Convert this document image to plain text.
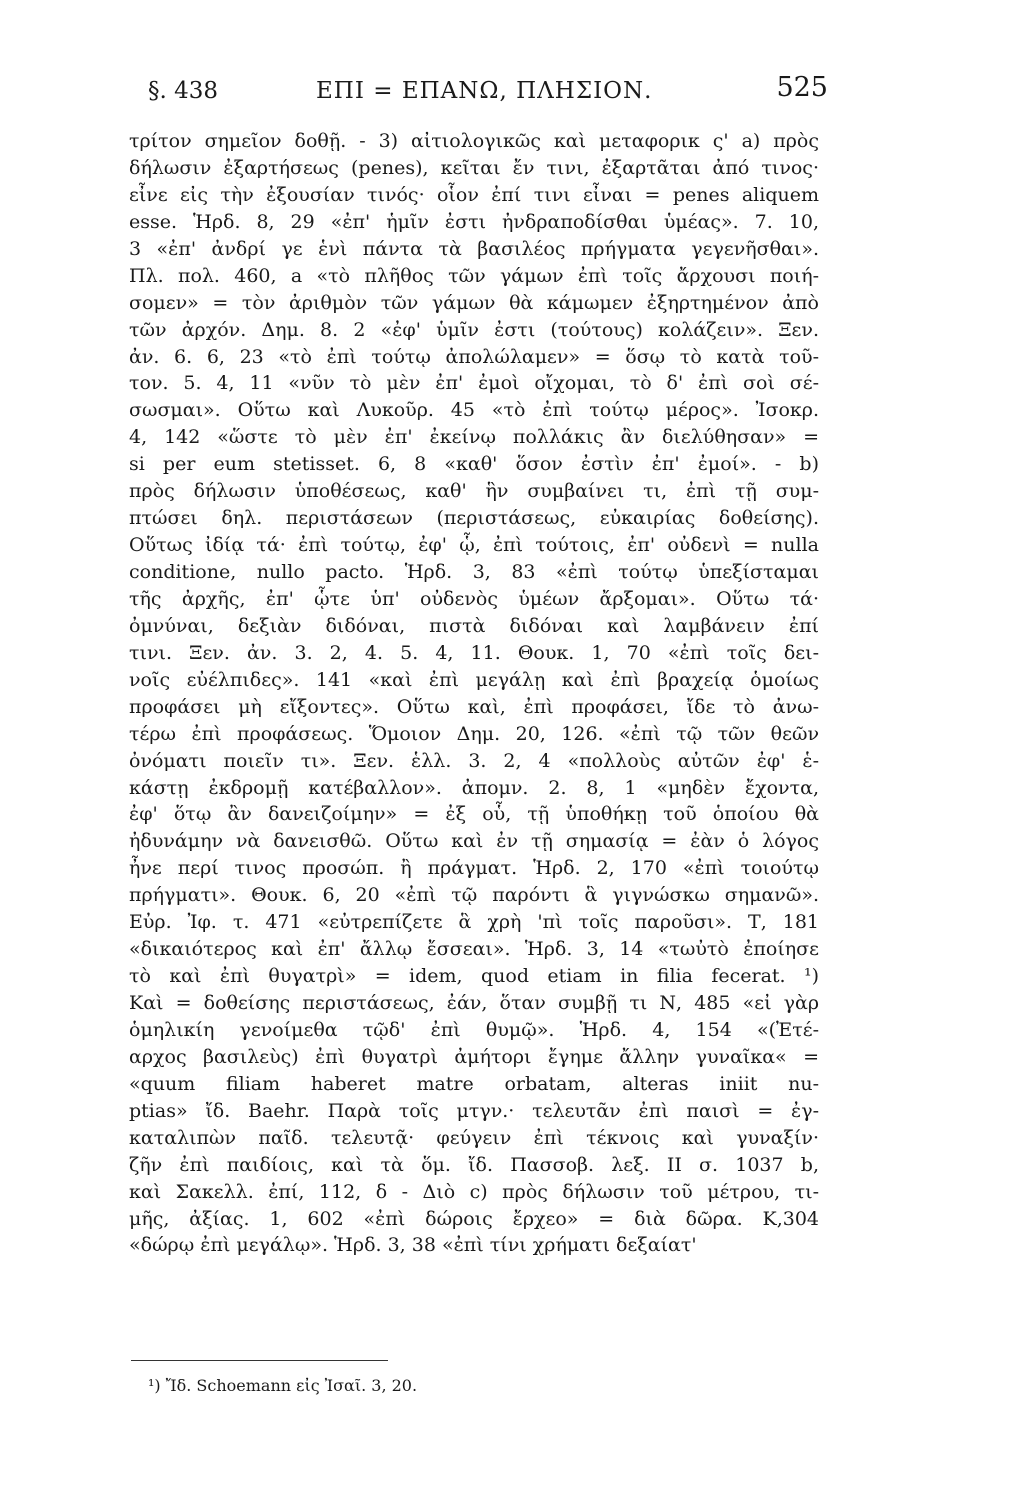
§. 438	ΕΠΙ = ΕΠΑΝΩ, ΠΛΗΣΙΟΝ.	525
τρίτον σημεῖον δοθῇ. - 3) αἰτιολογικῶς καὶ μεταφορικ ς' a) πρὸς
δήλωσιν ἐξαρτήσεως (penes), κεῖται ἔν τινι, ἐξαρτᾶται ἀπό τινος·
εἶνε εἰς τὴν ἐξουσίαν τινός· οἷον ἐπί τινι εἶναι = penes aliquem
esse. Ἡρδ. 8, 29 «ἐπ' ἡμῖν ἐστι ἠνδραποδίσθαι ὑμέας». 7. 10,
3 «ἐπ' ἀνδρί γε ἑνὶ πάντα τὰ βασιλέος πρήγματα γεγενῆσθαι».
Πλ. πολ. 460, a «τὸ πλῆθος τῶν γάμων ἐπὶ τοῖς ἄρχουσι ποιή-
σομεν» = τὸν ἀριθμὸν τῶν γάμων θὰ κάμωμεν ἐξηρτημένον ἀπὸ
τῶν ἀρχόν. Δημ. 8. 2 «ἐφ' ὑμῖν ἐστι (τούτους) κολάζειν». Ξεν.
ἀν. 6. 6, 23 «τὸ ἐπὶ τούτῳ ἀπολώλαμεν» = ὅσῳ τὸ κατὰ τοῦ-
τον. 5. 4, 11 «νῦν τὸ μὲν ἐπ' ἐμοὶ οἴχομαι, τὸ δ' ἐπὶ σοὶ σέ-
σωσμαι». Οὕτω καὶ Λυκοῦρ. 45 «τὸ ἐπὶ τούτῳ μέρος». Ἰσοκρ.
4, 142 «ὥστε τὸ μὲν ἐπ' ἐκείνῳ πολλάκις ἂν διελύθησαν» =
si per eum stetisset. 6, 8 «καθ' ὅσον ἐστὶν ἐπ' ἐμοί». - b)
πρὸς δήλωσιν ὑποθέσεως, καθ' ἣν συμβαίνει τι, ἐπὶ τῇ συμ-
πτώσει δηλ. περιστάσεων (περιστάσεως, εὐκαιρίας δοθείσης).
Οὕτως ἰδίᾳ τά· ἐπὶ τούτῳ, ἐφ' ᾧ, ἐπὶ τούτοις, ἐπ' οὐδενὶ = nulla
conditione, nullo pacto. Ἡρδ. 3, 83 «ἐπὶ τούτῳ ὑπεξίσταμαι
τῆς ἀρχῆς, ἐπ' ᾧτε ὑπ' οὐδενὸς ὑμέων ἄρξομαι». Οὕτω τά·
ὀμνύναι, δεξιὰν διδόναι, πιστὰ διδόναι καὶ λαμβάνειν ἐπί
τινι. Ξεν. ἀν. 3. 2, 4. 5. 4, 11. Θουκ. 1, 70 «ἐπὶ τοῖς δει-
νοῖς εὐέλπιδες». 141 «καὶ ἐπὶ μεγάλῃ καὶ ἐπὶ βραχείᾳ ὁμοίως
προφάσει μὴ εἴξοντες». Οὕτω καὶ, ἐπὶ προφάσει, ἴδε τὸ ἀνω-
τέρω ἐπὶ προφάσεως. Ὅμοιον Δημ. 20, 126. «ἐπὶ τῷ τῶν θεῶν
ὀνόματι ποιεῖν τι». Ξεν. ἑλλ. 3. 2, 4 «πολλοὺς αὐτῶν ἐφ' ἑ-
κάστῃ ἐκδρομῇ κατέβαλλον». ἀπομν. 2. 8, 1 «μηδὲν ἔχοντα,
ἐφ' ὅτῳ ἂν δανειζοίμην» = ἐξ οὗ, τῇ ὑποθήκῃ τοῦ ὁποίου θὰ
ἠδυνάμην νὰ δανεισθῶ. Οὕτω καὶ ἐν τῇ σημασίᾳ = ἐὰν ὁ λόγος
ἦνε περί τινος προσώπ. ἢ πράγματ. Ἡρδ. 2, 170 «ἐπὶ τοιούτῳ
πρήγματι». Θουκ. 6, 20 «ἐπὶ τῷ παρόντι ἃ γιγνώσκω σημανῶ».
Εὐρ. Ἰφ. τ. 471 «εὐτρεπίζετε ἃ χρὴ 'πὶ τοῖς παροῦσι». Τ, 181
«δικαιότερος καὶ ἐπ' ἄλλῳ ἔσσεαι». Ἡρδ. 3, 14 «τωὐτὸ ἐποίησε
τὸ καὶ ἐπὶ θυγατρὶ» = idem, quod etiam in filia fecerat. ¹)
Καὶ = δοθείσης περιστάσεως, ἐάν, ὅταν συμβῇ τι Ν, 485 «εἰ γὰρ
ὁμηλικίη γενοίμεθα τῷδ' ἐπὶ θυμῷ». Ἡρδ. 4, 154 «(Ἐτέ-
αρχος βασιλεὺς) ἐπὶ θυγατρὶ ἀμήτορι ἔγημε ἄλλην γυναῖκα« =
«quum filiam haberet matre orbatam, alteras iniit nu-
ptias» ἴδ. Baehr. Παρὰ τοῖς μτγν.· τελευτᾶν ἐπὶ παισὶ = ἐγ-
καταλιπὼν παῖδ. τελευτᾷ· φεύγειν ἐπὶ τέκνοις καὶ γυναξίν·
ζῆν ἐπὶ παιδίοις, καὶ τὰ ὅμ. ἴδ. Πασσοβ. λεξ. II σ. 1037 b,
καὶ Σακελλ. ἐπί, 112, δ - Διὸ c) πρὸς δήλωσιν τοῦ μέτρου, τι-
μῆς, ἀξίας. 1, 602 «ἐπὶ δώροις ἔρχεο» = διὰ δῶρα. Κ,304
«δώρῳ ἐπὶ μεγάλῳ». Ἡρδ. 3, 38 «ἐπὶ τίνι χρήματι δεξαίατ'
¹) Ἴδ. Schoemann εἰς Ἰσαῖ. 3, 20.
